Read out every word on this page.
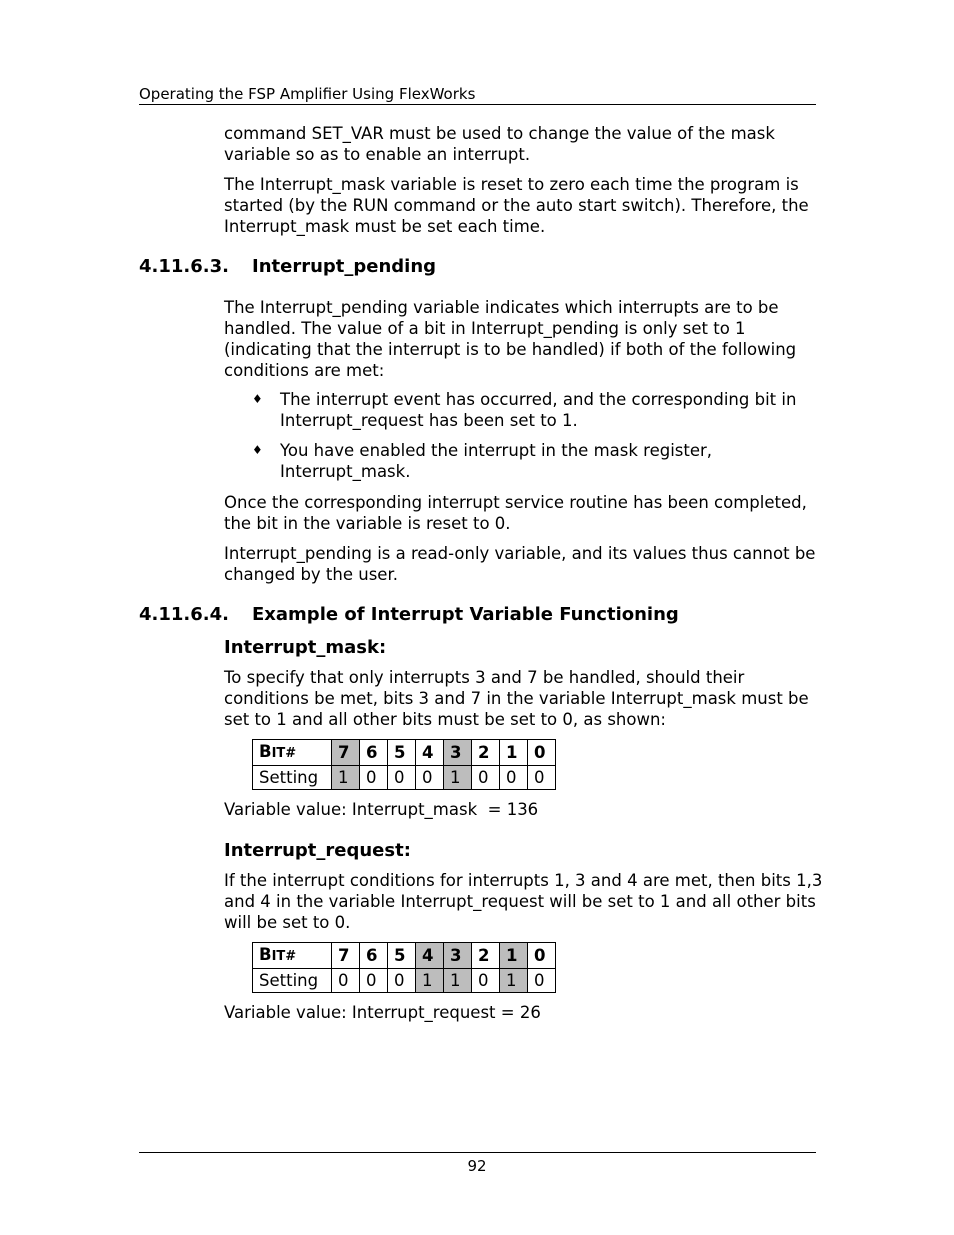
Operating the FSP Amplifier Using FlexWorks
command SET_VAR must be used to change the value of the mask variable so as to enable an interrupt.
The Interrupt_mask variable is reset to zero each time the program is started (by the RUN command or the auto start switch). Therefore, the Interrupt_mask must be set each time.
4.11.6.3. Interrupt_pending
The Interrupt_pending variable indicates which interrupts are to be handled. The value of a bit in Interrupt_pending is only set to 1 (indicating that the interrupt is to be handled) if both of the following conditions are met:
♦ The interrupt event has occurred, and the corresponding bit in Interrupt_request has been set to 1.
♦ You have enabled the interrupt in the mask register, Interrupt_mask.
Once the corresponding interrupt service routine has been completed, the bit in the variable is reset to 0.
Interrupt_pending is a read-only variable, and its values thus cannot be changed by the user.
4.11.6.4. Example of Interrupt Variable Functioning
Interrupt_mask:
To specify that only interrupts 3 and 7 be handled, should their conditions be met, bits 3 and 7 in the variable Interrupt_mask must be set to 1 and all other bits must be set to 0, as shown:
BIT#	7	6	5	4	3	2	1	0
Setting	1	0	0	0	1	0	0	0
Variable value: Interrupt_mask  = 136
Interrupt_request:
If the interrupt conditions for interrupts 1, 3 and 4 are met, then bits 1,3 and 4 in the variable Interrupt_request will be set to 1 and all other bits will be set to 0.
BIT#	7	6	5	4	3	2	1	0
Setting	0	0	0	1	1	0	1	0
Variable value: Interrupt_request = 26
92
